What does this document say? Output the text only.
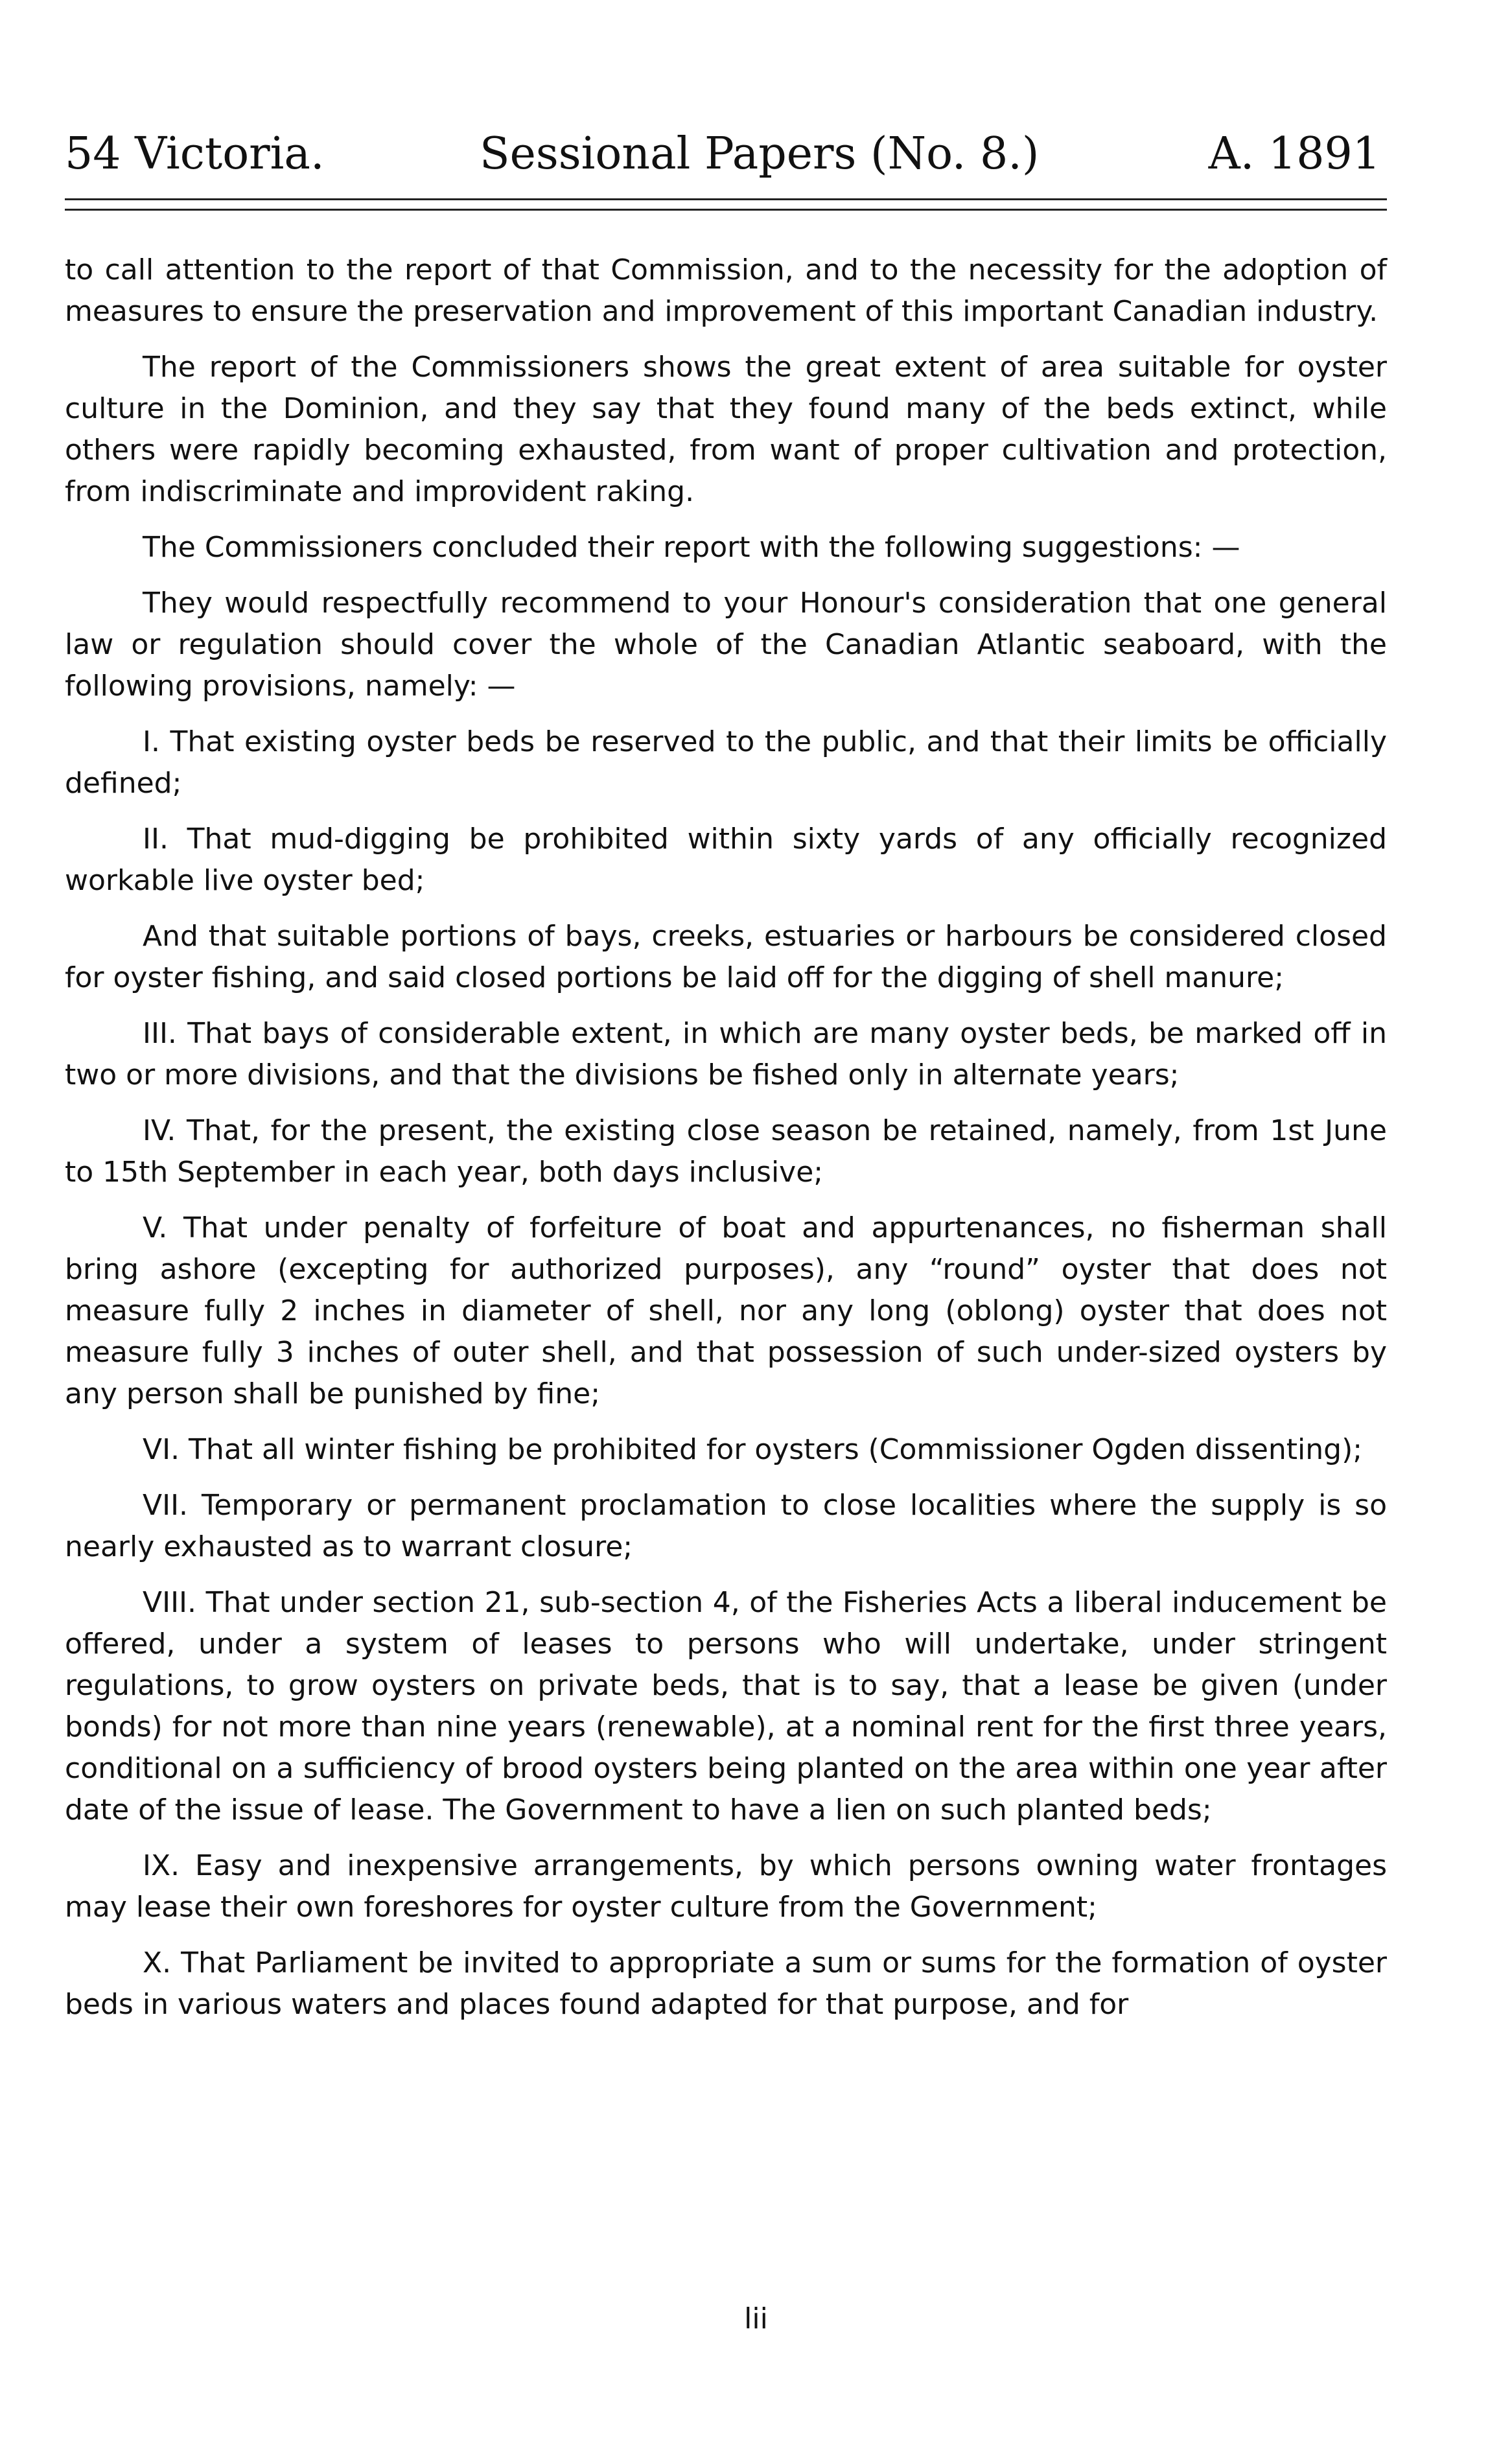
54 Victoria.	Sessional Papers (No. 8.)	A. 1891

to call attention to the report of that Commission, and to the necessity for the adoption of measures to ensure the preservation and improvement of this important Canadian industry.

The report of the Commissioners shows the great extent of area suitable for oyster culture in the Dominion, and they say that they found many of the beds extinct, while others were rapidly becoming exhausted, from want of proper cultivation and protection, from indiscriminate and improvident raking.

The Commissioners concluded their report with the following suggestions: —

They would respectfully recommend to your Honour's consideration that one general law or regulation should cover the whole of the Canadian Atlantic seaboard, with the following provisions, namely: —

I. That existing oyster beds be reserved to the public, and that their limits be officially defined;

II. That mud-digging be prohibited within sixty yards of any officially recognized workable live oyster bed;

And that suitable portions of bays, creeks, estuaries or harbours be considered closed for oyster fishing, and said closed portions be laid off for the digging of shell manure;

III. That bays of considerable extent, in which are many oyster beds, be marked off in two or more divisions, and that the divisions be fished only in alternate years;

IV. That, for the present, the existing close season be retained, namely, from 1st June to 15th September in each year, both days inclusive;

V. That under penalty of forfeiture of boat and appurtenances, no fisherman shall bring ashore (excepting for authorized purposes), any “round” oyster that does not measure fully 2 inches in diameter of shell, nor any long (oblong) oyster that does not measure fully 3 inches of outer shell, and that possession of such under-sized oysters by any person shall be punished by fine;

VI. That all winter fishing be prohibited for oysters (Commissioner Ogden dissenting);

VII. Temporary or permanent proclamation to close localities where the supply is so nearly exhausted as to warrant closure;

VIII. That under section 21, sub-section 4, of the Fisheries Acts a liberal inducement be offered, under a system of leases to persons who will undertake, under stringent regulations, to grow oysters on private beds, that is to say, that a lease be given (under bonds) for not more than nine years (renewable), at a nominal rent for the first three years, conditional on a sufficiency of brood oysters being planted on the area within one year after date of the issue of lease. The Government to have a lien on such planted beds;

IX. Easy and inexpensive arrangements, by which persons owning water frontages may lease their own foreshores for oyster culture from the Government;

X. That Parliament be invited to appropriate a sum or sums for the formation of oyster beds in various waters and places found adapted for that purpose, and for

lii
